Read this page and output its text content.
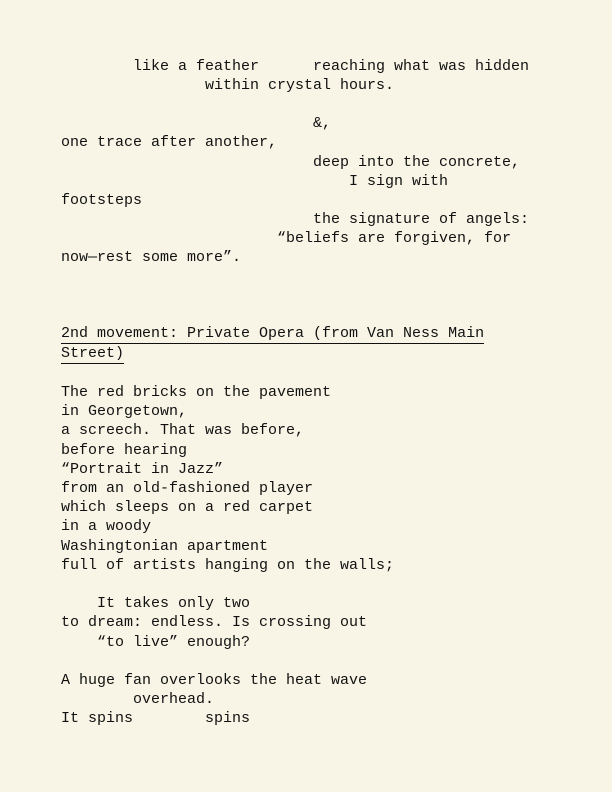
like a feather	reaching what was hidden

within crystal hours.

&,

one trace after another,

deep into the concrete,

I sign with

footsteps

the signature of angels:

“beliefs are forgiven, for

now—rest some more”.

2nd movement: Private Opera (from Van Ness Main

Street)

The red bricks on the pavement

in Georgetown,

a screech. That was before,

before hearing

“Portrait in Jazz”

from an old-fashioned player

which sleeps on a red carpet

in a woody

Washingtonian apartment

full of artists hanging on the walls;

It takes only two

to dream: endless. Is crossing out

“to live” enough?

A huge fan overlooks the heat wave

overhead.

It spins	spins
